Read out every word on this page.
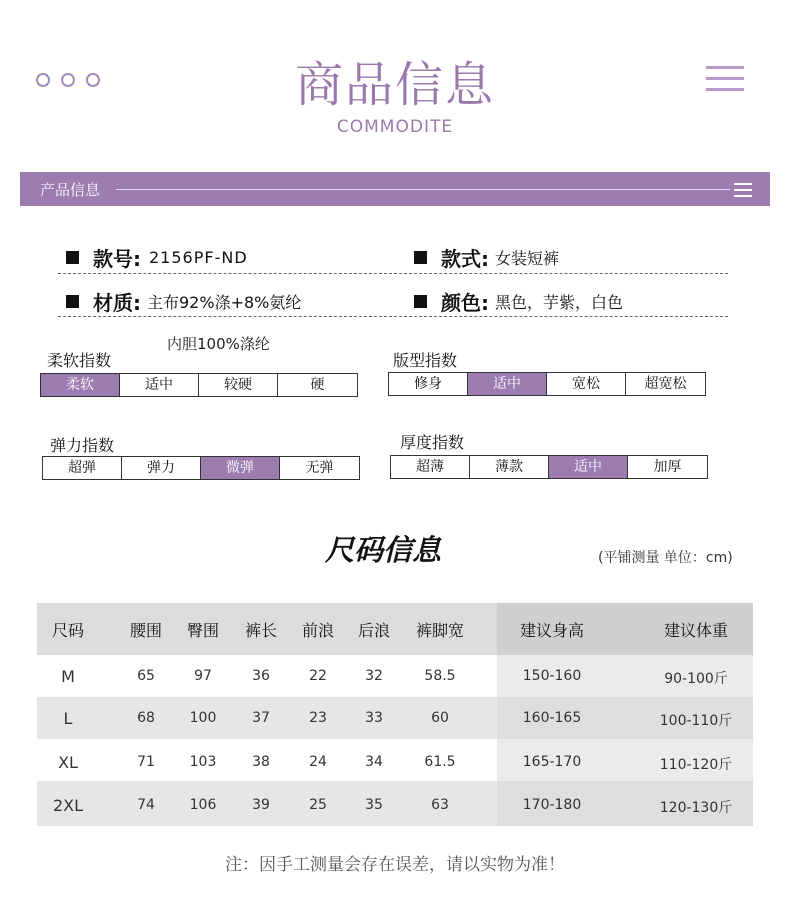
商品信息
COMMODITE
产品信息
款号: 2156PF-ND	款式: 女装短裤
材质: 主布92%涤+8%氨纶	颜色: 黑色，芋紫，白色
内胆100%涤纶
柔软指数
柔软	适中	较硬	硬
版型指数
修身	适中	宽松	超宽松
弹力指数
超弹	弹力	微弹	无弹
厚度指数
超薄	薄款	适中	加厚
尺码信息	(平铺测量 单位：cm)
尺码	腰围	臀围	裤长	前浪	后浪	裤脚宽	建议身高	建议体重
M	65	97	36	22	32	58.5	150-160	90-100斤
L	68	100	37	23	33	60	160-165	100-110斤
XL	71	103	38	24	34	61.5	165-170	110-120斤
2XL	74	106	39	25	35	63	170-180	120-130斤
注：因手工测量会存在误差，请以实物为准！
